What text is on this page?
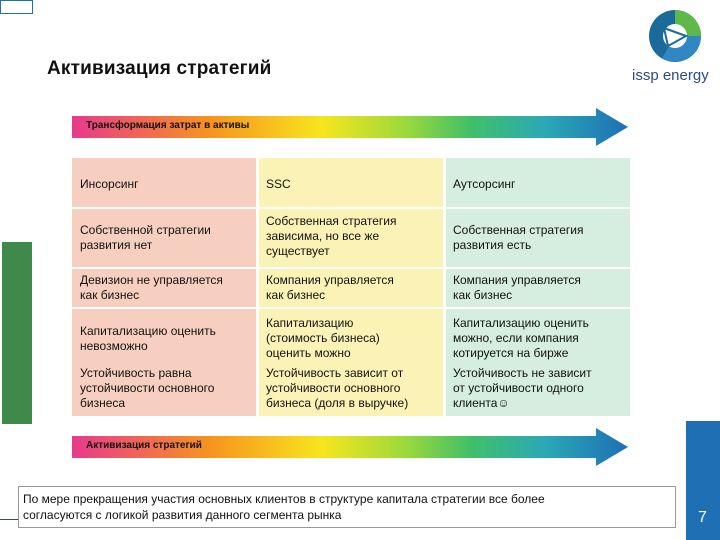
Активизация стратегий	issp energy
Трансформация затрат в активы
Инсорсинг
Собственной стратегии
развития нет
Девизион не управляется
как бизнес
Капитализацию оценить
невозможно
Устойчивость равна
устойчивости основного
бизнеса
SSC
Собственная стратегия
зависима, но все же
существует
Компания управляется
как бизнес
Капитализацию
(стоимость бизнеса)
оценить можно
Устойчивость зависит от
устойчивости основного
бизнеса (доля в выручке)
Аутсорсинг
Собственная стратегия
развития есть
Компания управляется
как бизнес
Капитализацию оценить
можно, если компания
котируется на бирже
Устойчивость не зависит
от устойчивости одного
клиента☺
Активизация стратегий
7
По мере прекращения участия основных клиентов в структуре капитала стратегии все более
согласуются с логикой развития данного сегмента рынка
